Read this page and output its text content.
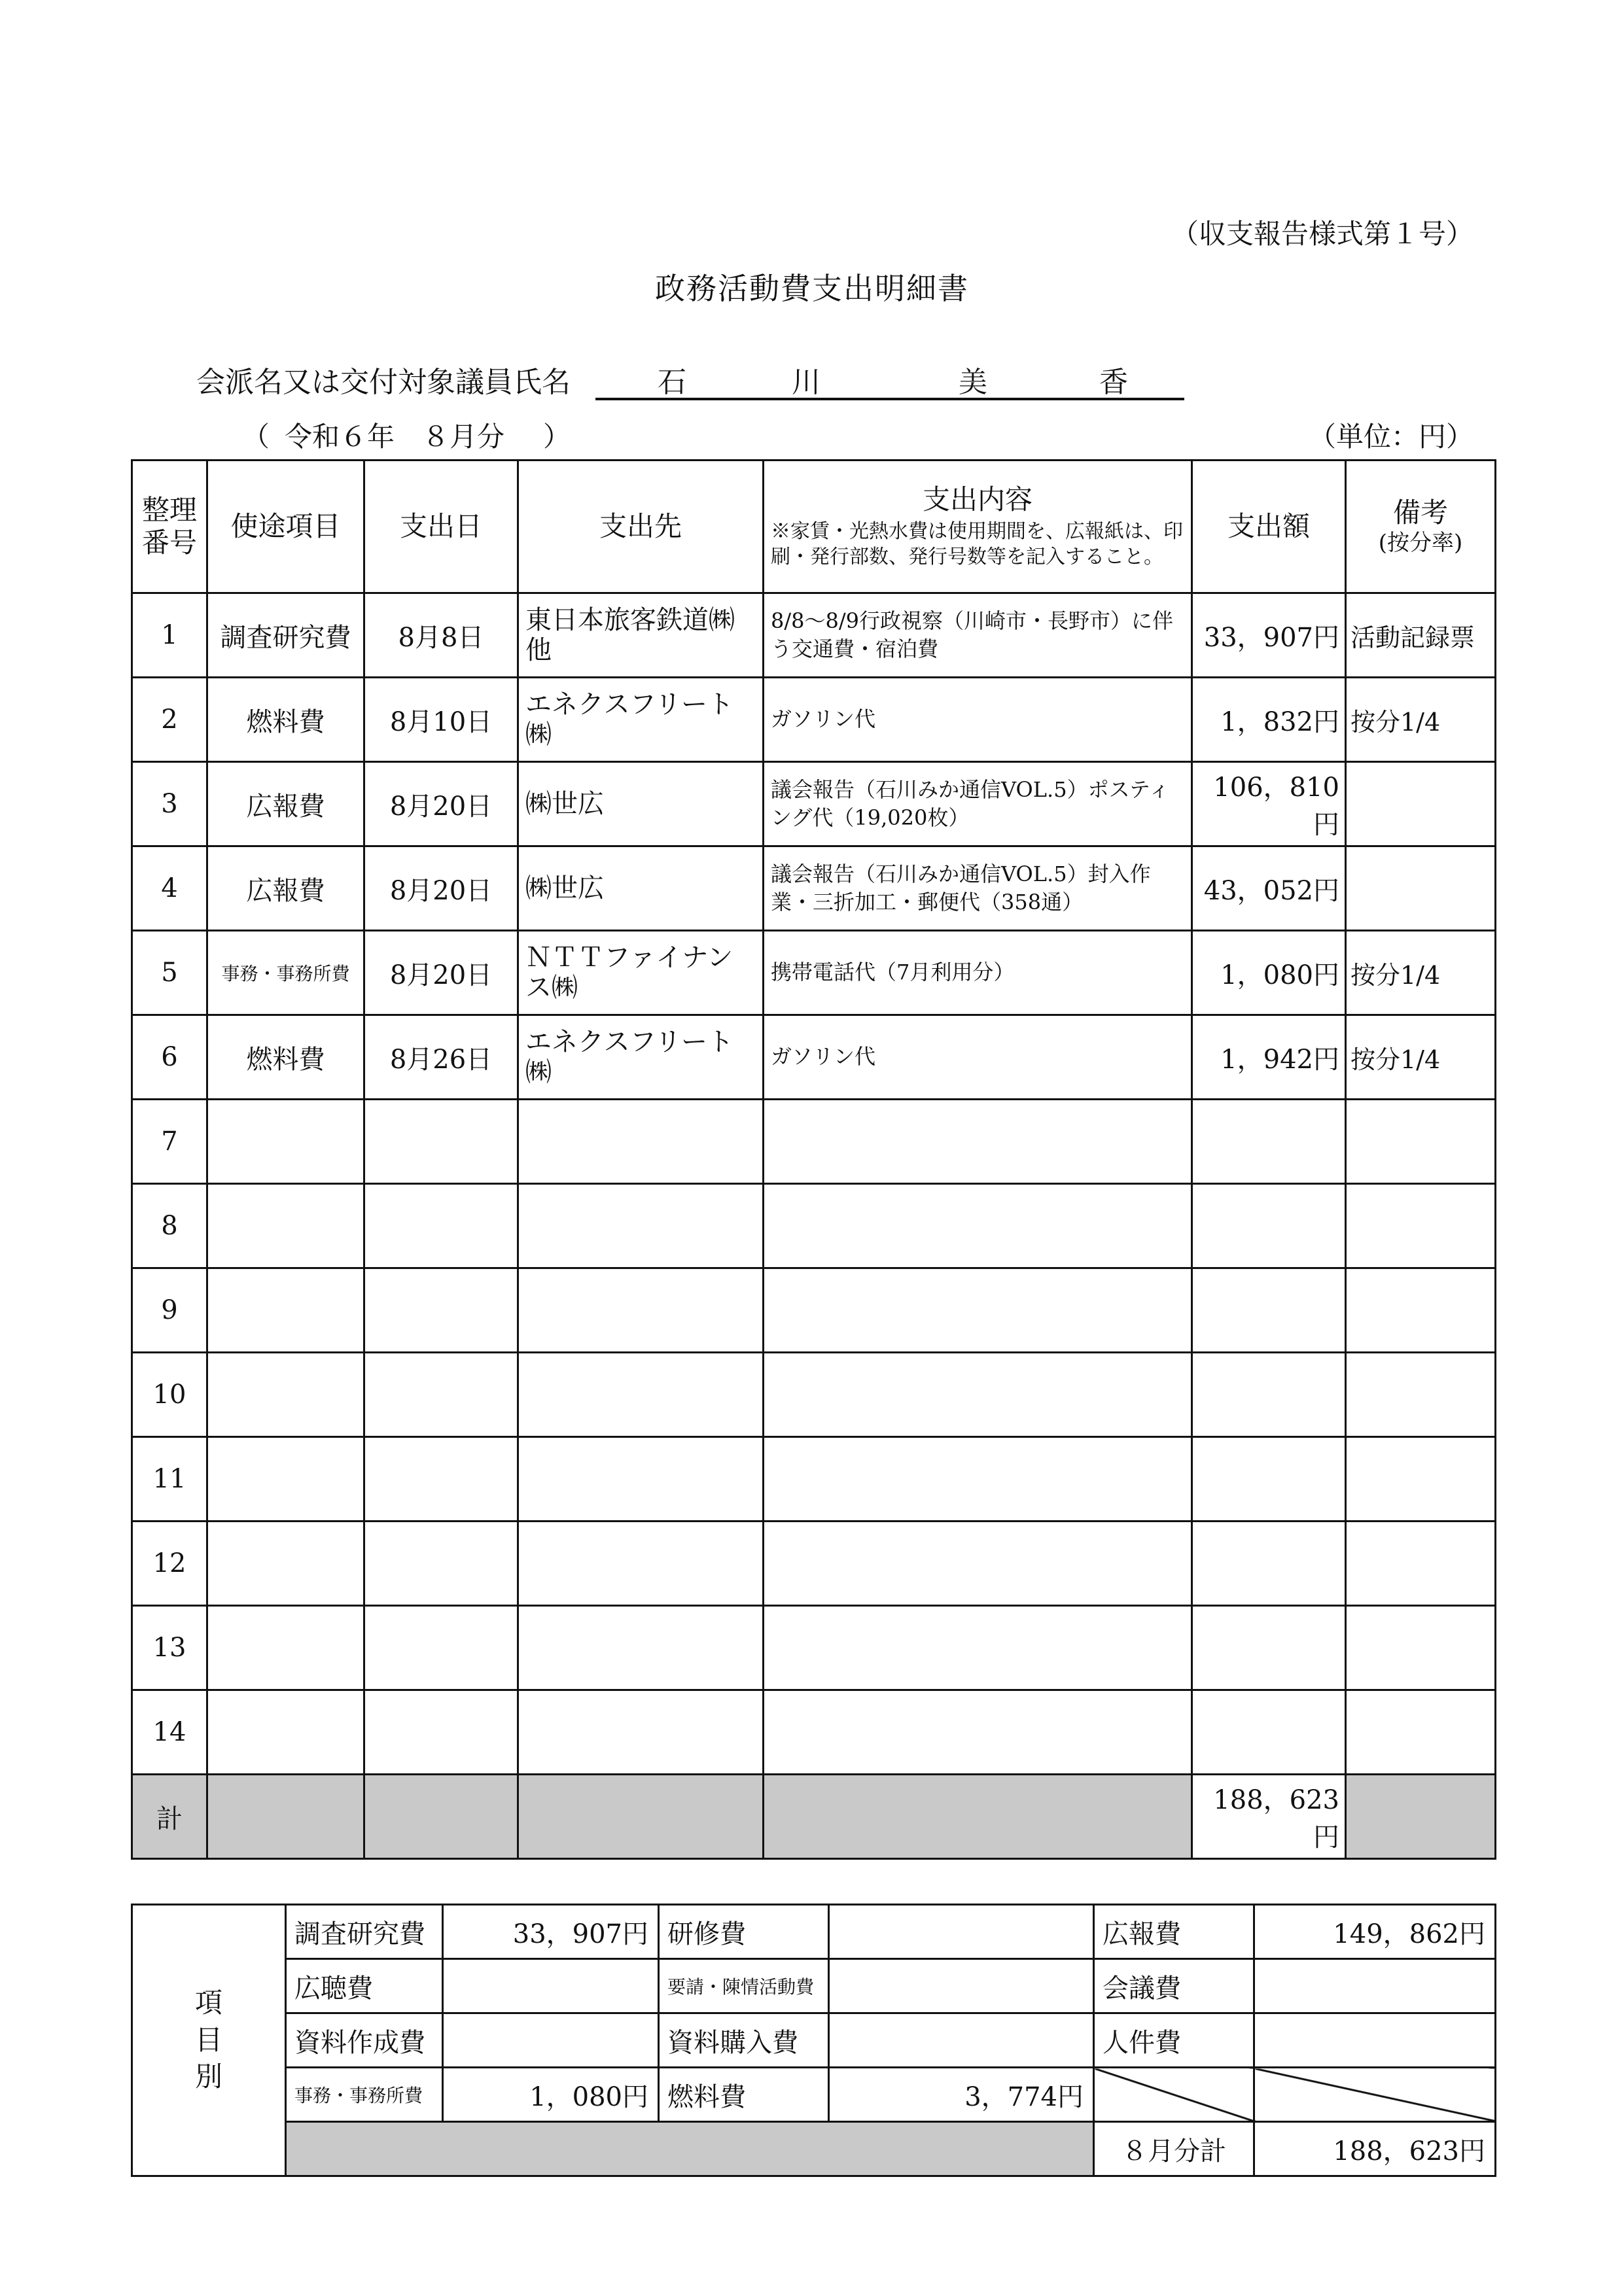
（収支報告様式第１号）
政務活動費支出明細書
会派名又は交付対象議員氏名	石	川	美	香
（ 令和６年　８月分 ）	（単位：円）
整理番号	使途項目	支出日	支出先	支出内容
※家賃・光熱水費は使用期間を、広報紙は、印刷・発行部数、発行号数等を記入すること。	支出額	備考
(按分率)

1	調査研究費	8月8日	東日本旅客鉄道㈱他	8/8～8/9行政視察（川崎市・長野市）に伴う交通費・宿泊費	33，907円	活動記録票
2	燃料費	8月10日	エネクスフリート㈱	ガソリン代	1，832円	按分1/4
3	広報費	8月20日	㈱世広	議会報告（石川みか通信VOL.5）ポスティング代（19,020枚）	106，810円	
4	広報費	8月20日	㈱世広	議会報告（石川みか通信VOL.5）封入作業・三折加工・郵便代（358通）	43，052円	
5	事務・事務所費	8月20日	ＮＴＴファイナンス㈱	携帯電話代（7月利用分）	1，080円	按分1/4
6	燃料費	8月26日	エネクスフリート㈱	ガソリン代	1，942円	按分1/4
7						
8						
9						
10						
11						
12						
13						
14						
計					188，623円	
項目別	調査研究費	33，907円	研修費		広報費	149，862円
	広聴費		要請・陳情活動費		会議費	
	資料作成費		資料購入費		人件費	
	事務・事務所費	1，080円	燃料費	3，774円		
					８月分計	188，623円
